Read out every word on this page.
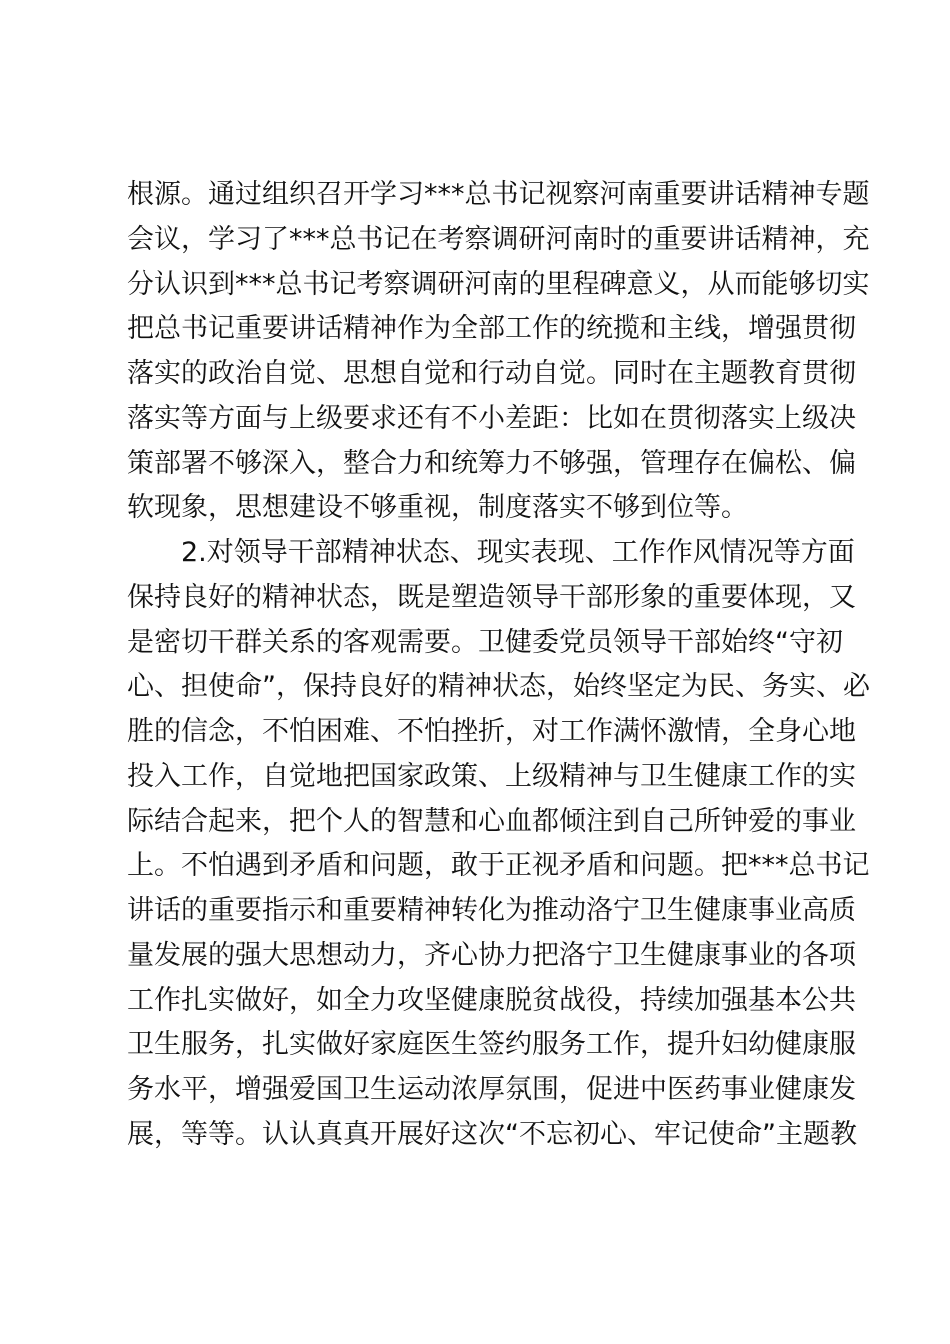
根源。通过组织召开学习***总书记视察河南重要讲话精神专题
会议，学习了***总书记在考察调研河南时的重要讲话精神，充
分认识到***总书记考察调研河南的里程碑意义，从而能够切实
把总书记重要讲话精神作为全部工作的统揽和主线，增强贯彻
落实的政治自觉、思想自觉和行动自觉。同时在主题教育贯彻
落实等方面与上级要求还有不小差距：比如在贯彻落实上级决
策部署不够深入，整合力和统筹力不够强，管理存在偏松、偏
软现象，思想建设不够重视，制度落实不够到位等。
2.对领导干部精神状态、现实表现、工作作风情况等方面
保持良好的精神状态，既是塑造领导干部形象的重要体现，又
是密切干群关系的客观需要。卫健委党员领导干部始终“守初
心、担使命”，保持良好的精神状态，始终坚定为民、务实、必
胜的信念，不怕困难、不怕挫折，对工作满怀激情，全身心地
投入工作，自觉地把国家政策、上级精神与卫生健康工作的实
际结合起来，把个人的智慧和心血都倾注到自己所钟爱的事业
上。不怕遇到矛盾和问题，敢于正视矛盾和问题。把***总书记
讲话的重要指示和重要精神转化为推动洛宁卫生健康事业高质
量发展的强大思想动力，齐心协力把洛宁卫生健康事业的各项
工作扎实做好，如全力攻坚健康脱贫战役，持续加强基本公共
卫生服务，扎实做好家庭医生签约服务工作，提升妇幼健康服
务水平，增强爱国卫生运动浓厚氛围，促进中医药事业健康发
展，等等。认认真真开展好这次“不忘初心、牢记使命”主题教
